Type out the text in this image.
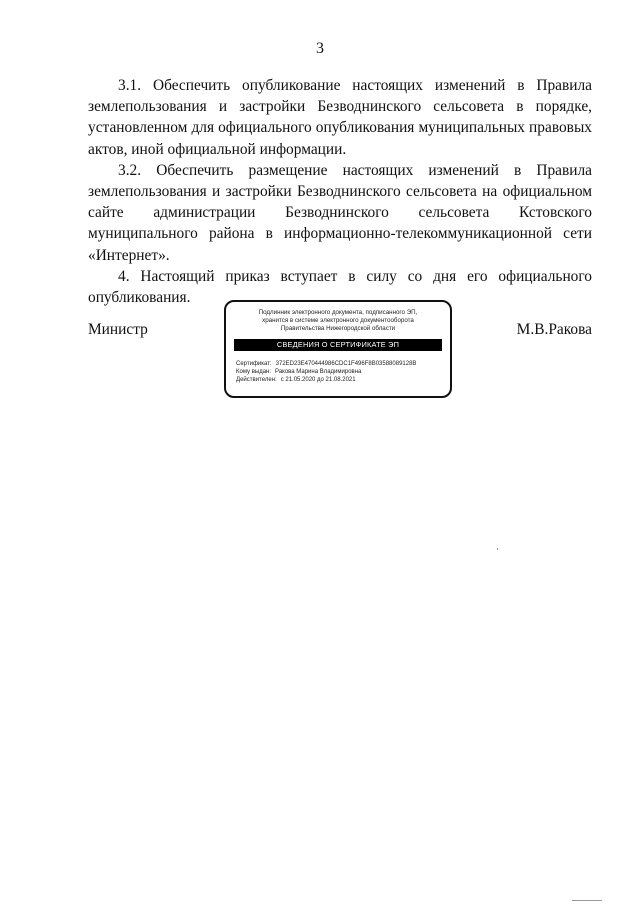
3

3.1. Обеспечить опубликование настоящих изменений в Правила землепользования и застройки Безводнинского сельсовета в порядке, установленном для официального опубликования муниципальных правовых актов, иной официальной информации.

3.2. Обеспечить размещение настоящих изменений в Правила землепользования и застройки Безводнинского сельсовета на официальном сайте администрации Безводнинского сельсовета Кстовского муниципального района в информационно-телекоммуникационной сети «Интернет».

4. Настоящий приказ вступает в силу со дня его официального опубликования.

Министр
Подлинник электронного документа, подписанного ЭП,
хранится в системе электронного документооборота
Правительства Нижегородской области
СВЕДЕНИЯ О СЕРТИФИКАТЕ ЭП
Сертификат: 372ED23E470444986CDC1F496F8B03588089128B
Кому выдан: Ракова Марина Владимировна
Действителен: с 21.05.2020 до 21.08.2021
М.В.Ракова
